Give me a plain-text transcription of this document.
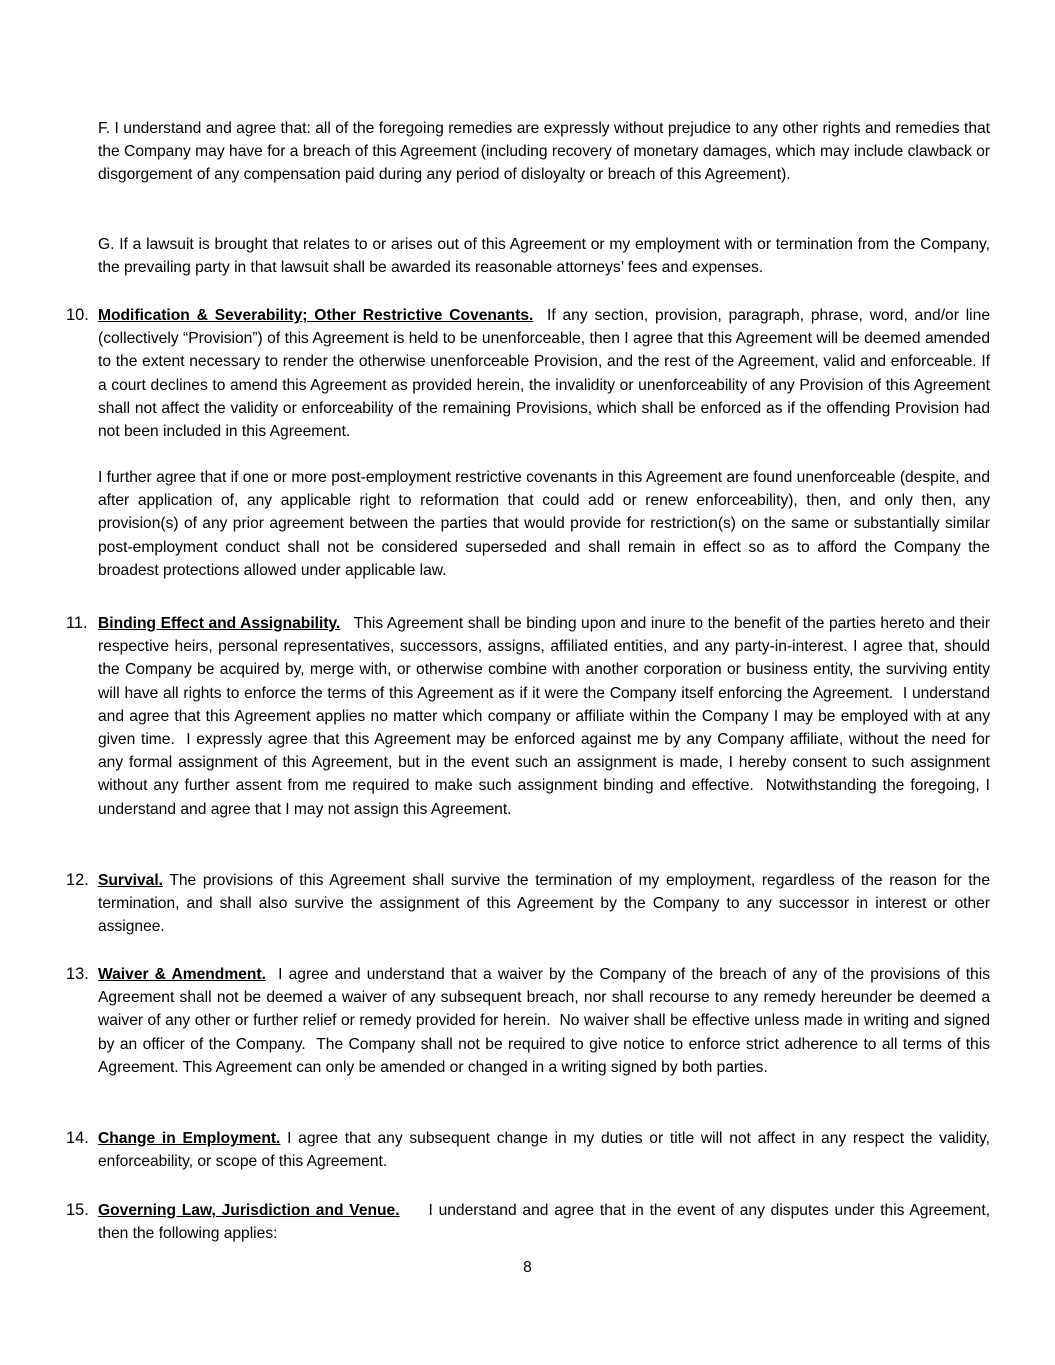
F. I understand and agree that: all of the foregoing remedies are expressly without prejudice to any other rights and remedies that the Company may have for a breach of this Agreement (including recovery of monetary damages, which may include clawback or disgorgement of any compensation paid during any period of disloyalty or breach of this Agreement).

G. If a lawsuit is brought that relates to or arises out of this Agreement or my employment with or termination from the Company, the prevailing party in that lawsuit shall be awarded its reasonable attorneys’ fees and expenses.

10. Modification & Severability; Other Restrictive Covenants.  If any section, provision, paragraph, phrase, word, and/or line (collectively “Provision”) of this Agreement is held to be unenforceable, then I agree that this Agreement will be deemed amended to the extent necessary to render the otherwise unenforceable Provision, and the rest of the Agreement, valid and enforceable. If a court declines to amend this Agreement as provided herein, the invalidity or unenforceability of any Provision of this Agreement shall not affect the validity or enforceability of the remaining Provisions, which shall be enforced as if the offending Provision had not been included in this Agreement.

I further agree that if one or more post-employment restrictive covenants in this Agreement are found unenforceable (despite, and after application of, any applicable right to reformation that could add or renew enforceability), then, and only then, any provision(s) of any prior agreement between the parties that would provide for restriction(s) on the same or substantially similar post-employment conduct shall not be considered superseded and shall remain in effect so as to afford the Company the broadest protections allowed under applicable law.

11. Binding Effect and Assignability.   This Agreement shall be binding upon and inure to the benefit of the parties hereto and their respective heirs, personal representatives, successors, assigns, affiliated entities, and any party-in-interest. I agree that, should the Company be acquired by, merge with, or otherwise combine with another corporation or business entity, the surviving entity will have all rights to enforce the terms of this Agreement as if it were the Company itself enforcing the Agreement.  I understand and agree that this Agreement applies no matter which company or affiliate within the Company I may be employed with at any given time.  I expressly agree that this Agreement may be enforced against me by any Company affiliate, without the need for any formal assignment of this Agreement, but in the event such an assignment is made, I hereby consent to such assignment without any further assent from me required to make such assignment binding and effective.  Notwithstanding the foregoing, I understand and agree that I may not assign this Agreement.
12. Survival. The provisions of this Agreement shall survive the termination of my employment, regardless of the reason for the termination, and shall also survive the assignment of this Agreement by the Company to any successor in interest or other assignee.
13. Waiver & Amendment.  I agree and understand that a waiver by the Company of the breach of any of the provisions of this Agreement shall not be deemed a waiver of any subsequent breach, nor shall recourse to any remedy hereunder be deemed a waiver of any other or further relief or remedy provided for herein.  No waiver shall be effective unless made in writing and signed by an officer of the Company.  The Company shall not be required to give notice to enforce strict adherence to all terms of this Agreement. This Agreement can only be amended or changed in a writing signed by both parties.
14. Change in Employment. I agree that any subsequent change in my duties or title will not affect in any respect the validity, enforceability, or scope of this Agreement.
15. Governing Law, Jurisdiction and Venue.     I understand and agree that in the event of any disputes under this Agreement, then the following applies:
8
